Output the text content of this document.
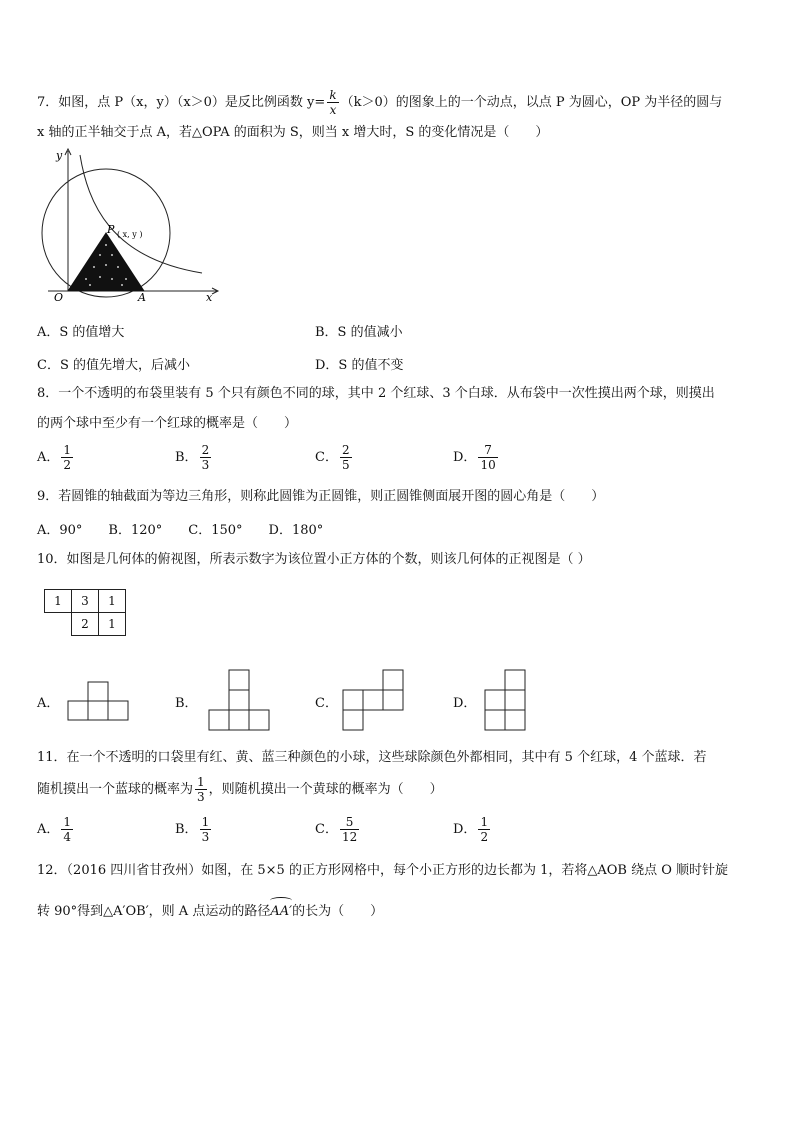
7．如图，点 P（x，y）（x＞0）是反比例函数 $y= \frac{k}{x} (k>0)$的图象上的一个动点，以点 P 为圆心，OP 为半径的圆与
x 轴的正半轴交于点 A，若△OPA 的面积为 S，则当 x 增大时，S 的变化情况是（　　）
y
x
O	A
P ( x, y )
A．S 的值增大	B．S 的值减小
C．S 的值先增大，后减小	D．S 的值不变
8．一个不透明的布袋里装有 5 个只有颜色不同的球，其中 2 个红球、3 个白球．从布袋中一次性摸出两个球，则摸出
的两个球中至少有一个红球的概率是（　　）
A． $\frac{1}{2}$	B． $\frac{2}{3}$	C． $\frac{2}{5}$	D． $\frac{7}{10}$
9．若圆锥的轴截面为等边三角形，则称此圆锥为正圆锥，则正圆锥侧面展开图的圆心角是（　　）
A．90°　　B．120°　　C．150°　　D．180°
10．如图是几何体的俯视图，所表示数字为该位置小正方体的个数，则该几何体的正视图是（ ）
1	3	1
	2	1
A．	B．	C．	D．
11．在一个不透明的口袋里有红、黄、蓝三种颜色的小球，这些球除颜色外都相同，其中有 5 个红球，4 个蓝球．若
随机摸出一个蓝球的概率为 $\frac{1}{3}$ ，则随机摸出一个黄球的概率为（　　）
A． $\frac{1}{4}$	B． $\frac{1}{3}$	C． $\frac{5}{12}$	D． $\frac{1}{2}$
12．（2016 四川省甘孜州）如图，在 5×5 的正方形网格中，每个小正方形的边长都为 1，若将△AOB 绕点 O 顺时针旋
转 90°得到△A′OB′，则 A 点运动的路径
AA′的长为（　　）
